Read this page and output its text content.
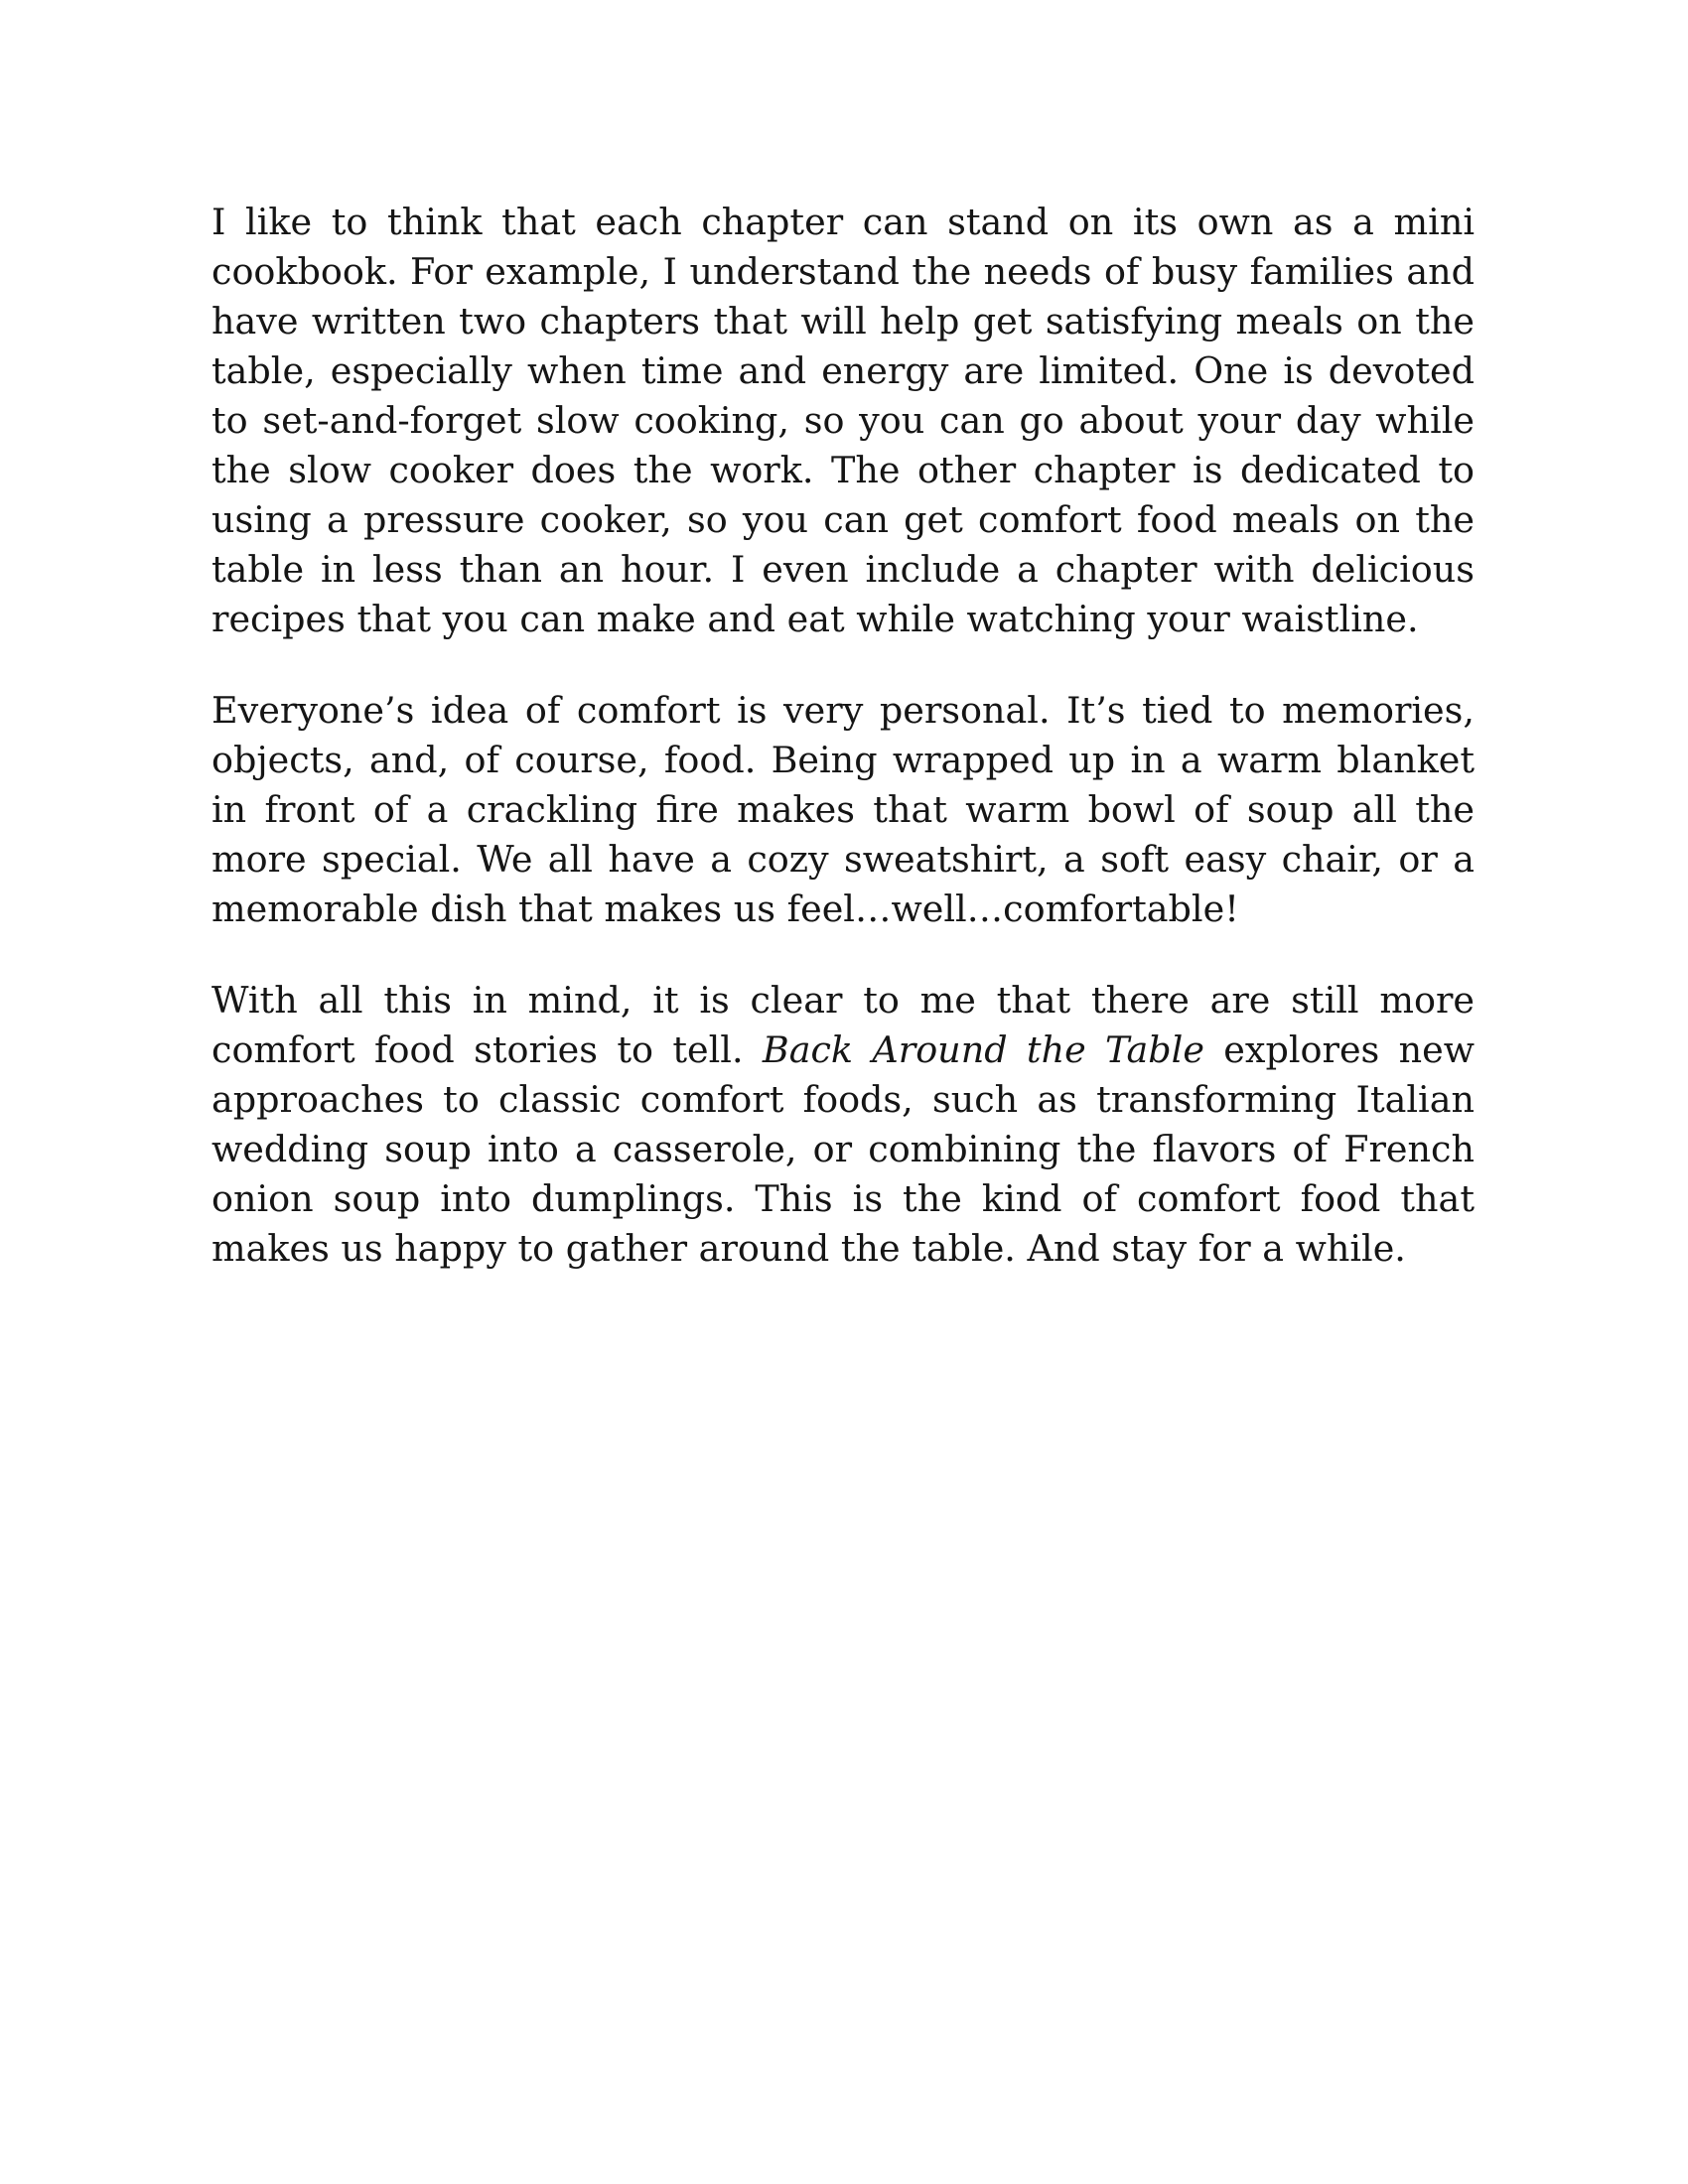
I like to think that each chapter can stand on its own as a mini cookbook. For example, I understand the needs of busy families and have written two chapters that will help get satisfying meals on the table, especially when time and energy are limited. One is devoted to set-and-forget slow cooking, so you can go about your day while the slow cooker does the work. The other chapter is dedicated to using a pressure cooker, so you can get comfort food meals on the table in less than an hour. I even include a chapter with delicious recipes that you can make and eat while watching your waistline.

Everyone’s idea of comfort is very personal. It’s tied to memories, objects, and, of course, food. Being wrapped up in a warm blanket in front of a crackling fire makes that warm bowl of soup all the more special. We all have a cozy sweatshirt, a soft easy chair, or a memorable dish that makes us feel…well…comfortable!

With all this in mind, it is clear to me that there are still more comfort food stories to tell. Back Around the Table explores new approaches to classic comfort foods, such as transforming Italian wedding soup into a casserole, or combining the flavors of French onion soup into dumplings. This is the kind of comfort food that makes us happy to gather around the table. And stay for a while.
